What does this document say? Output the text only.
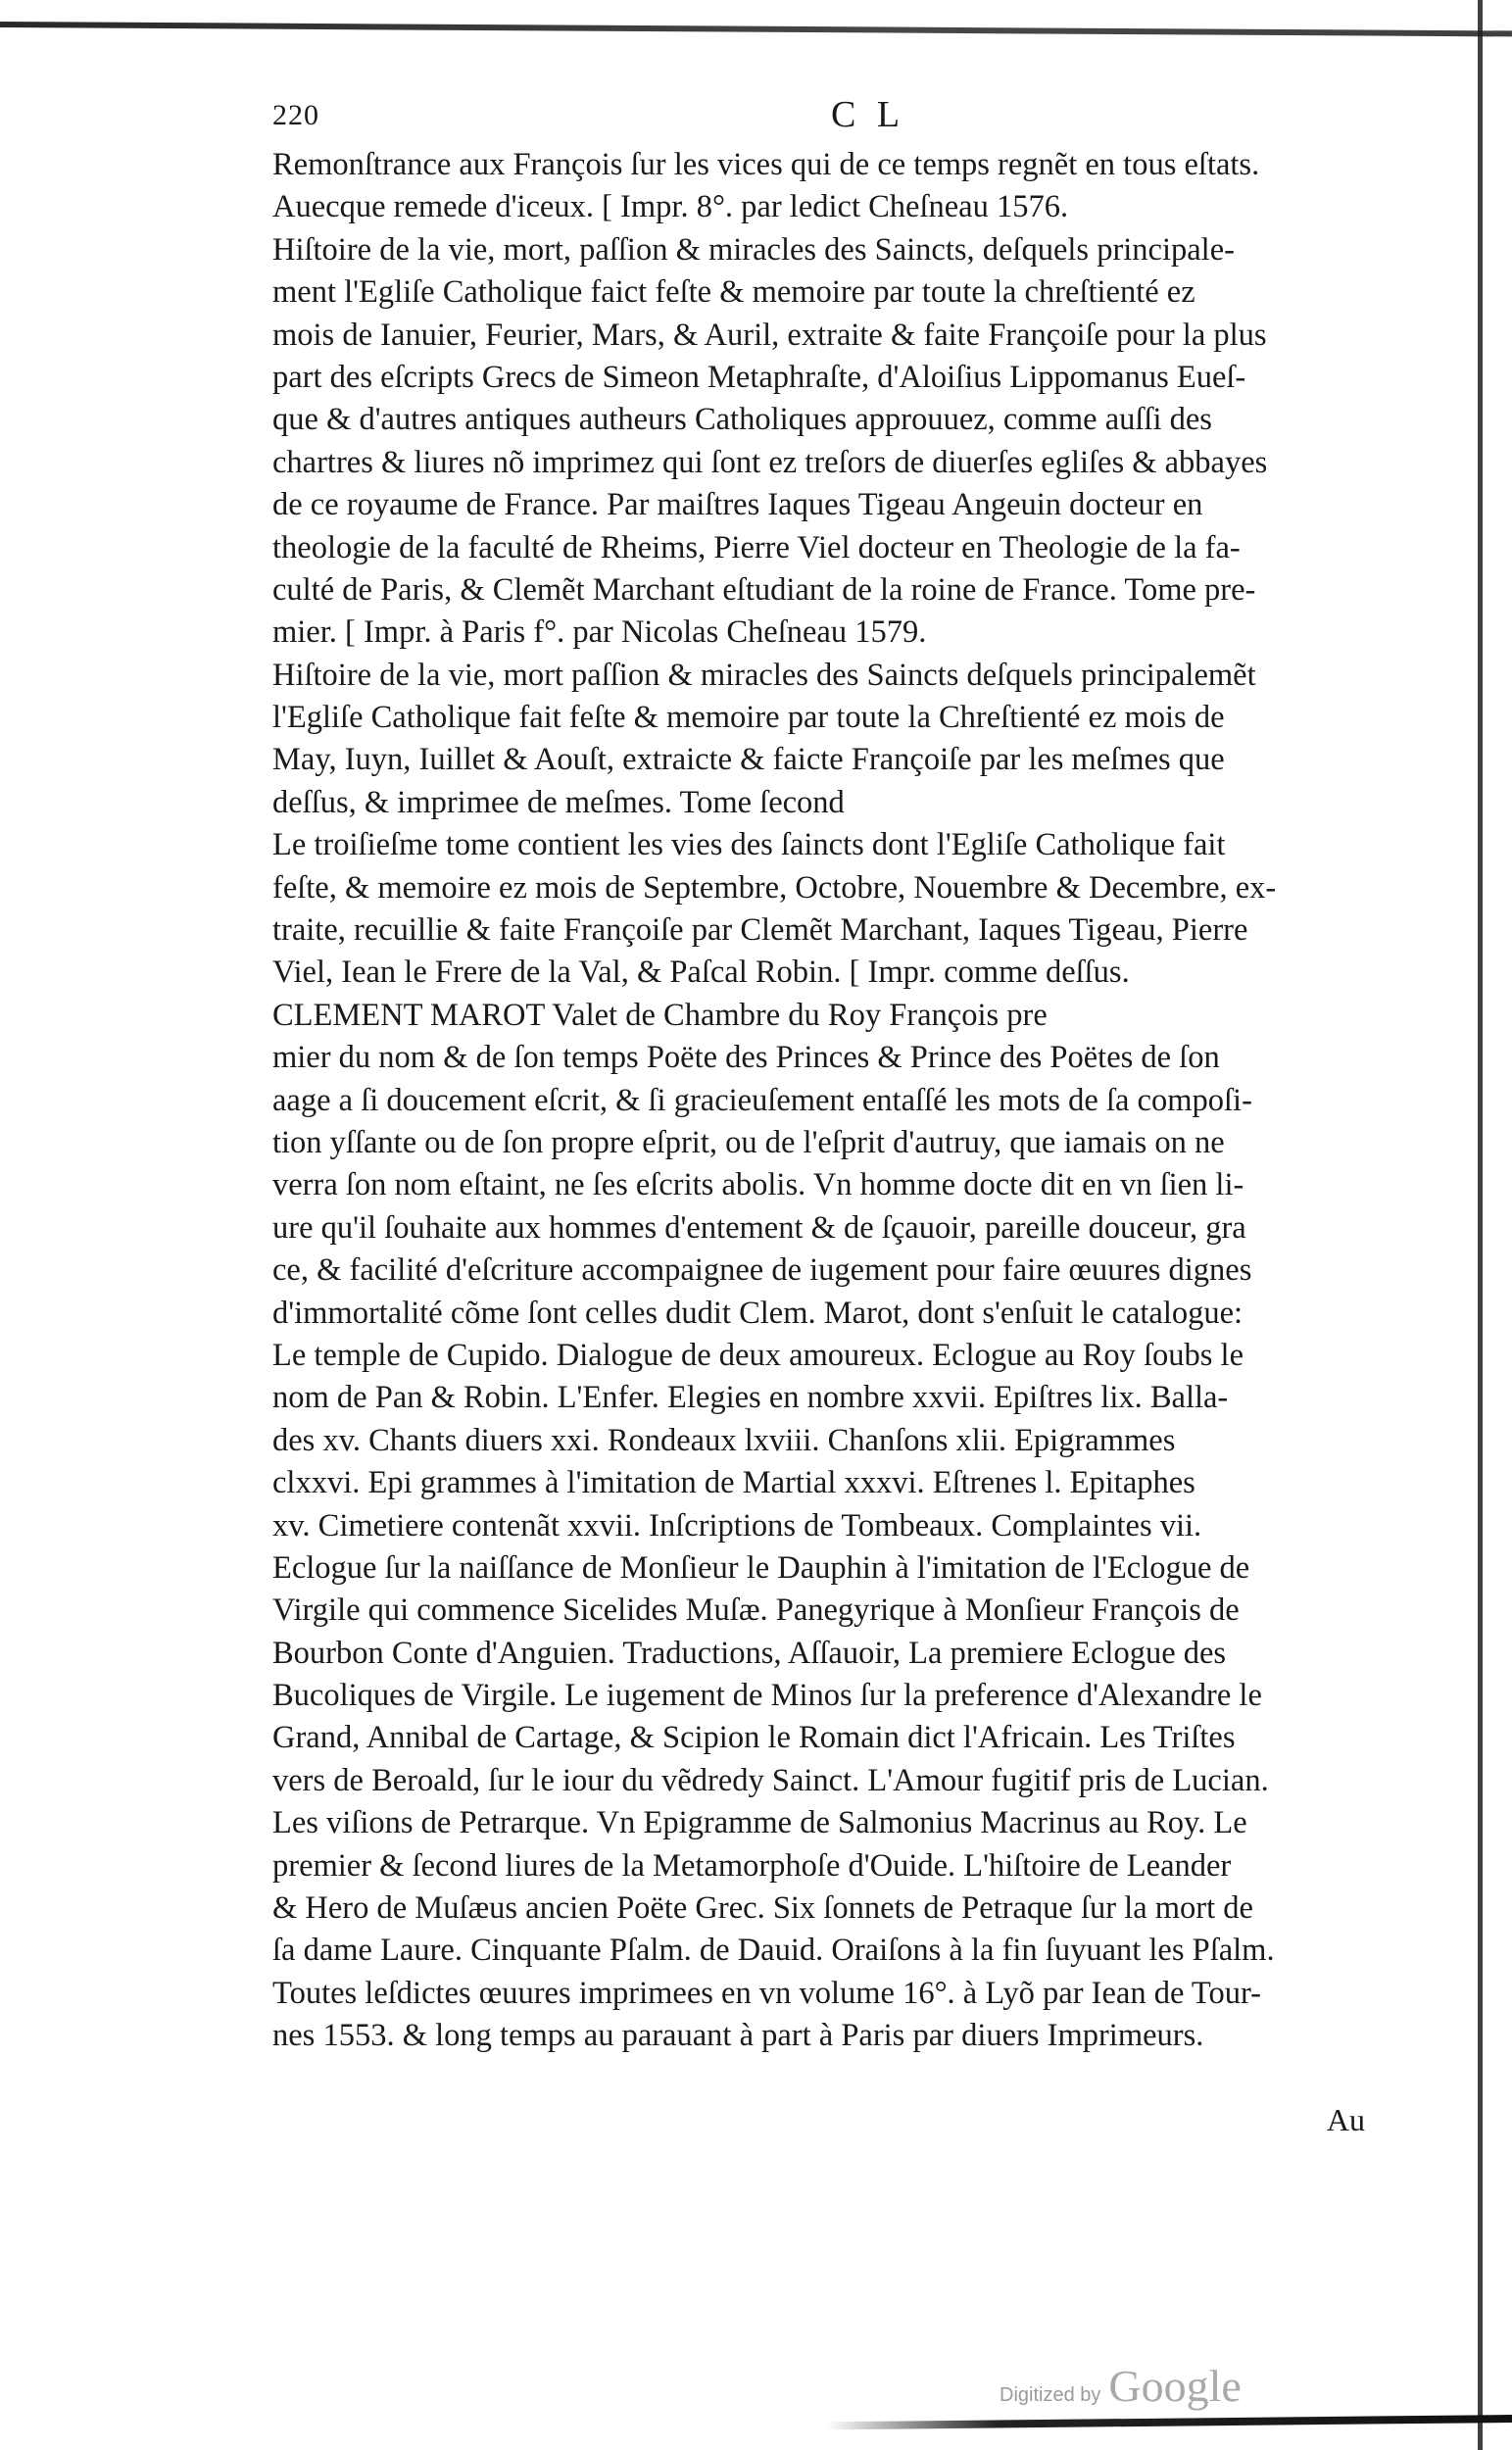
220	C L
Remonſtrance aux François ſur les vices qui de ce temps regnẽt en tous eſtats.
Auecque remede d'iceux. [ Impr. 8°. par ledict Cheſneau 1576.
Hiſtoire de la vie, mort, paſſion & miracles des Saincts, deſquels principale-
ment l'Egliſe Catholique faict feſte & memoire par toute la chreſtienté ez
mois de Ianuier, Feurier, Mars, & Auril, extraite & faite Françoiſe pour la plus
part des eſcripts Grecs de Simeon Metaphraſte, d'Aloiſius Lippomanus Eueſ-
que & d'autres antiques autheurs Catholiques approuuez, comme auſſi des
chartres & liures nõ imprimez qui ſont ez treſors de diuerſes egliſes & abbayes
de ce royaume de France. Par maiſtres Iaques Tigeau Angeuin docteur en
theologie de la faculté de Rheims, Pierre Viel docteur en Theologie de la fa-
culté de Paris, & Clemẽt Marchant eſtudiant de la roine de France. Tome pre-
mier. [ Impr. à Paris f°. par Nicolas Cheſneau 1579.
Hiſtoire de la vie, mort paſſion & miracles des Saincts deſquels principalemẽt
l'Egliſe Catholique fait feſte & memoire par toute la Chreſtienté ez mois de
May, Iuyn, Iuillet & Aouſt, extraicte & faicte Françoiſe par les meſmes que
deſſus, & imprimee de meſmes. Tome ſecond
Le troiſieſme tome contient les vies des ſaincts dont l'Egliſe Catholique fait
feſte, & memoire ez mois de Septembre, Octobre, Nouembre & Decembre, ex-
traite, recuillie & faite Françoiſe par Clemẽt Marchant, Iaques Tigeau, Pierre
Viel, Iean le Frere de la Val, & Paſcal Robin. [ Impr. comme deſſus.
CLEMENT MAROT Valet de Chambre du Roy François pre
mier du nom & de ſon temps Poëte des Princes & Prince des Poëtes de ſon
aage a ſi doucement eſcrit, & ſi gracieuſement entaſſé les mots de ſa compoſi-
tion yſſante ou de ſon propre eſprit, ou de l'eſprit d'autruy, que iamais on ne
verra ſon nom eſtaint, ne ſes eſcrits abolis. Vn homme docte dit en vn ſien li-
ure qu'il ſouhaite aux hommes d'entement & de ſçauoir, pareille douceur, gra
ce, & facilité d'eſcriture accompaignee de iugement pour faire œuures dignes
d'immortalité cõme ſont celles dudit Clem. Marot, dont s'enſuit le catalogue:
Le temple de Cupido. Dialogue de deux amoureux. Eclogue au Roy ſoubs le
nom de Pan & Robin. L'Enfer. Elegies en nombre xxvii. Epiſtres lix. Balla-
des xv. Chants diuers xxi. Rondeaux lxviii. Chanſons xlii. Epigrammes
clxxvi. Epi grammes à l'imitation de Martial xxxvi. Eſtrenes l. Epitaphes
xv. Cimetiere contenãt xxvii. Inſcriptions de Tombeaux. Complaintes vii.
Eclogue ſur la naiſſance de Monſieur le Dauphin à l'imitation de l'Eclogue de
Virgile qui commence Sicelides Muſæ. Panegyrique à Monſieur François de
Bourbon Conte d'Anguien. Traductions, Aſſauoir, La premiere Eclogue des
Bucoliques de Virgile. Le iugement de Minos ſur la preference d'Alexandre le
Grand, Annibal de Cartage, & Scipion le Romain dict l'Africain. Les Triſtes
vers de Beroald, ſur le iour du vẽdredy Sainct. L'Amour fugitif pris de Lucian.
Les viſions de Petrarque. Vn Epigramme de Salmonius Macrinus au Roy. Le
premier & ſecond liures de la Metamorphoſe d'Ouide. L'hiſtoire de Leander
& Hero de Muſæus ancien Poëte Grec. Six ſonnets de Petraque ſur la mort de
ſa dame Laure. Cinquante Pſalm. de Dauid. Oraiſons à la fin ſuyuant les Pſalm.
Toutes leſdictes œuures imprimees en vn volume 16°. à Lyõ par Iean de Tour-
nes 1553. & long temps au parauant à part à Paris par diuers Imprimeurs.
Au
Digitized by Google
